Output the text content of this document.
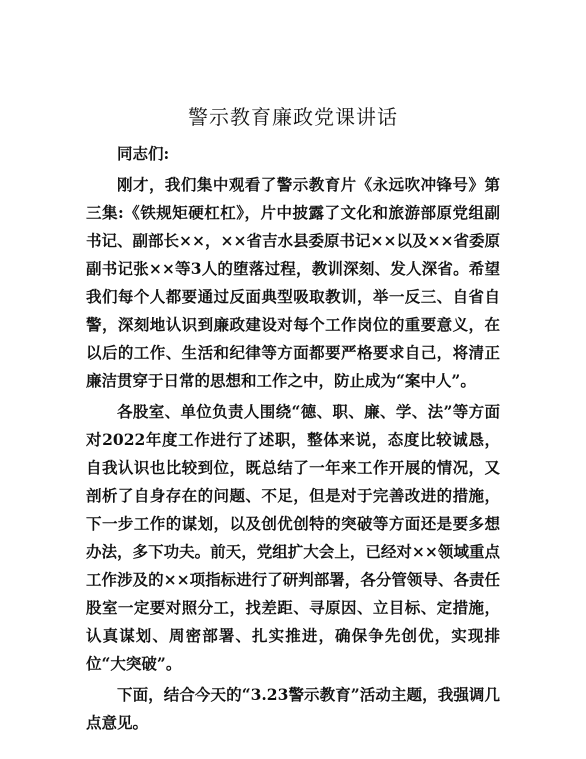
警示教育廉政党课讲话

同志们:

刚才，我们集中观看了警示教育片《永远吹冲锋号》第三集:《铁规矩硬杠杠》，片中披露了文化和旅游部原党组副书记、副部长××，××省吉水县委原书记××以及××省委原副书记张××等3人的堕落过程，教训深刻、发人深省。希望我们每个人都要通过反面典型吸取教训，举一反三、自省自警，深刻地认识到廉政建设对每个工作岗位的重要意义，在以后的工作、生活和纪律等方面都要严格要求自己，将清正廉洁贯穿于日常的思想和工作之中，防止成为“案中人”。

各股室、单位负责人围绕“德、职、廉、学、法”等方面对2022年度工作进行了述职，整体来说，态度比较诚恳，自我认识也比较到位，既总结了一年来工作开展的情况，又剖析了自身存在的问题、不足，但是对于完善改进的措施，下一步工作的谋划，以及创优创特的突破等方面还是要多想办法，多下功夫。前天，党组扩大会上，已经对××领域重点工作涉及的××项指标进行了研判部署，各分管领导、各责任股室一定要对照分工，找差距、寻原因、立目标、定措施，认真谋划、周密部署、扎实推进，确保争先创优，实现排位“大突破”。

下面，结合今天的“3.23警示教育”活动主题，我强调几点意见。
